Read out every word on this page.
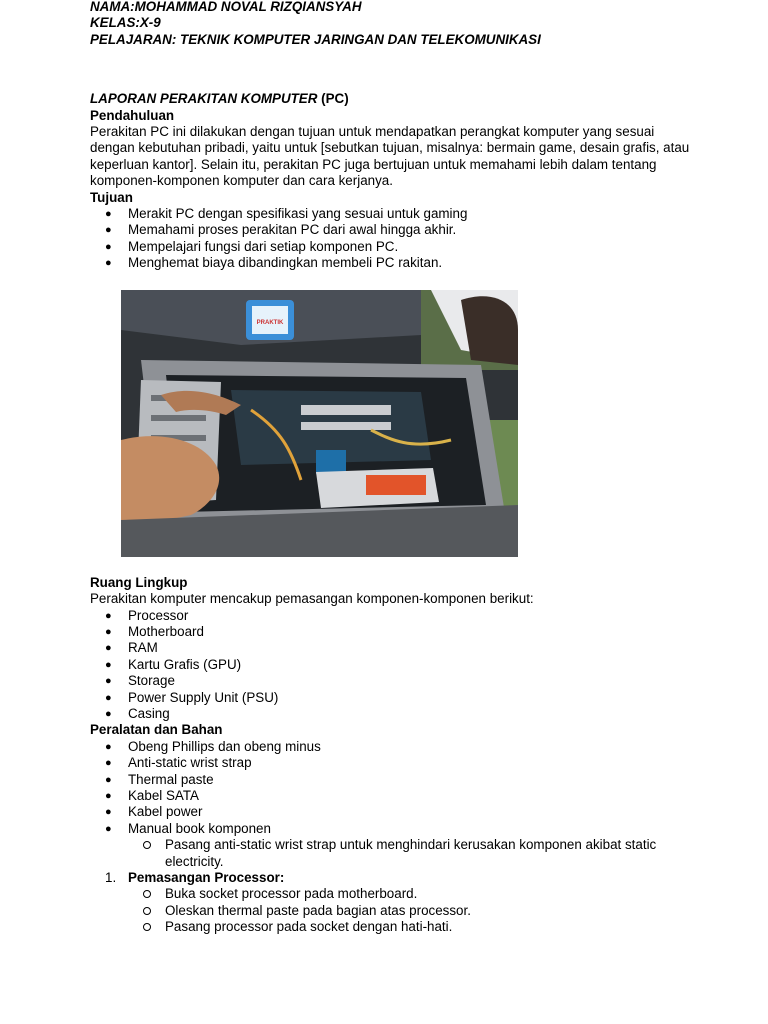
NAMA:MOHAMMAD NOVAL RIZQIANSYAH

KELAS:X-9

PELAJARAN: TEKNIK KOMPUTER JARINGAN DAN TELEKOMUNIKASI

LAPORAN PERAKITAN KOMPUTER (PC)

Pendahuluan

Perakitan PC ini dilakukan dengan tujuan untuk mendapatkan perangkat komputer yang sesuai dengan kebutuhan pribadi, yaitu untuk [sebutkan tujuan, misalnya: bermain game, desain grafis, atau keperluan kantor]. Selain itu, perakitan PC juga bertujuan untuk memahami lebih dalam tentang komponen-komponen komputer dan cara kerjanya.

Tujuan

● Merakit PC dengan spesifikasi yang sesuai untuk gaming
● Memahami proses perakitan PC dari awal hingga akhir.
● Mempelajari fungsi dari setiap komponen PC.
● Menghemat biaya dibandingkan membeli PC rakitan.
PRAKTIK

Ruang Lingkup

Perakitan komputer mencakup pemasangan komponen-komponen berikut:

● Processor
● Motherboard
● RAM
● Kartu Grafis (GPU)
● Storage
● Power Supply Unit (PSU)
● Casing

Peralatan dan Bahan

● Obeng Phillips dan obeng minus
● Anti-static wrist strap
● Thermal paste
● Kabel SATA
● Kabel power
● Manual book komponen
Pasang anti-static wrist strap untuk menghindari kerusakan komponen akibat static electricity.
1. Pemasangan Processor:
Buka socket processor pada motherboard.
Oleskan thermal paste pada bagian atas processor.
Pasang processor pada socket dengan hati-hati.
